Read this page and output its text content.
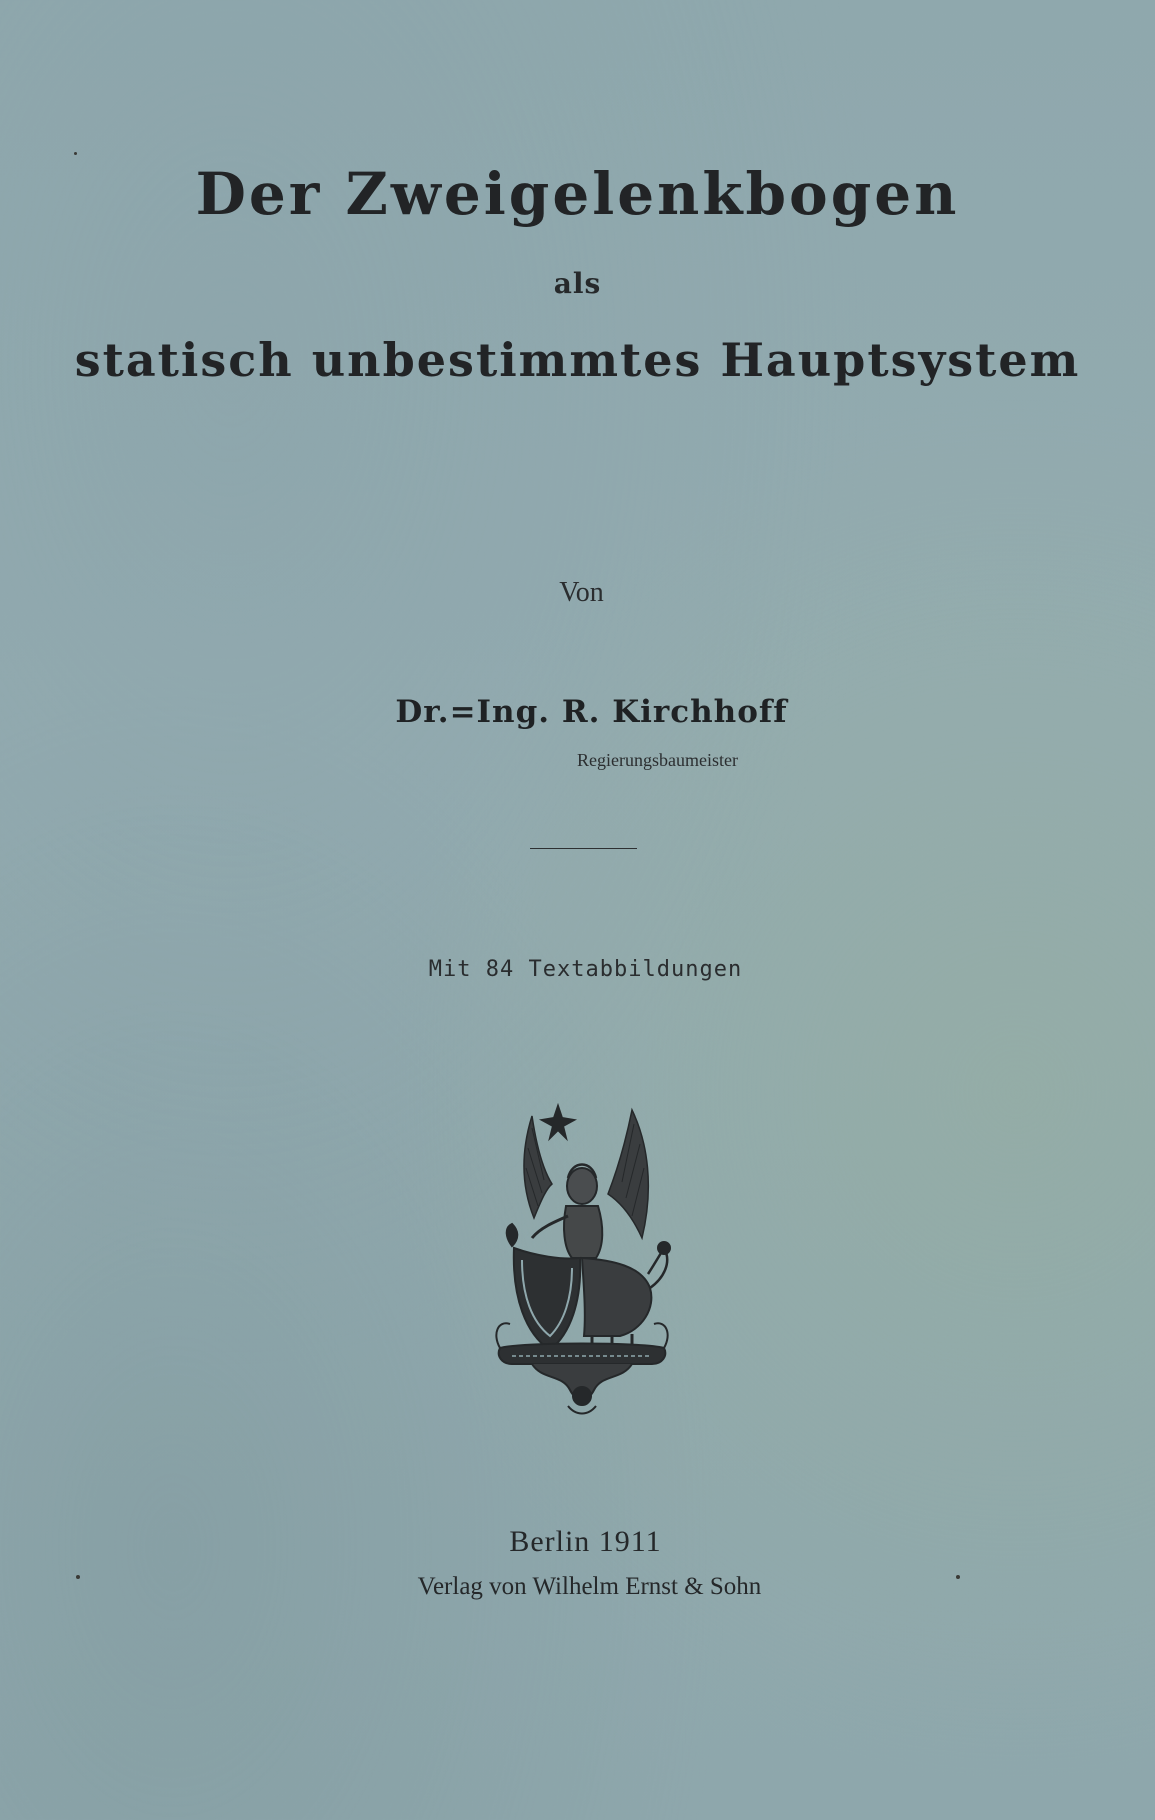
Der Zweigelenkbogen
als
statisch unbestimmtes Hauptsystem
Von
Dr.=Ing. R. Kirchhoff
Regierungsbaumeister
Mit 84 Textabbildungen
Berlin 1911
Verlag von Wilhelm Ernst & Sohn
